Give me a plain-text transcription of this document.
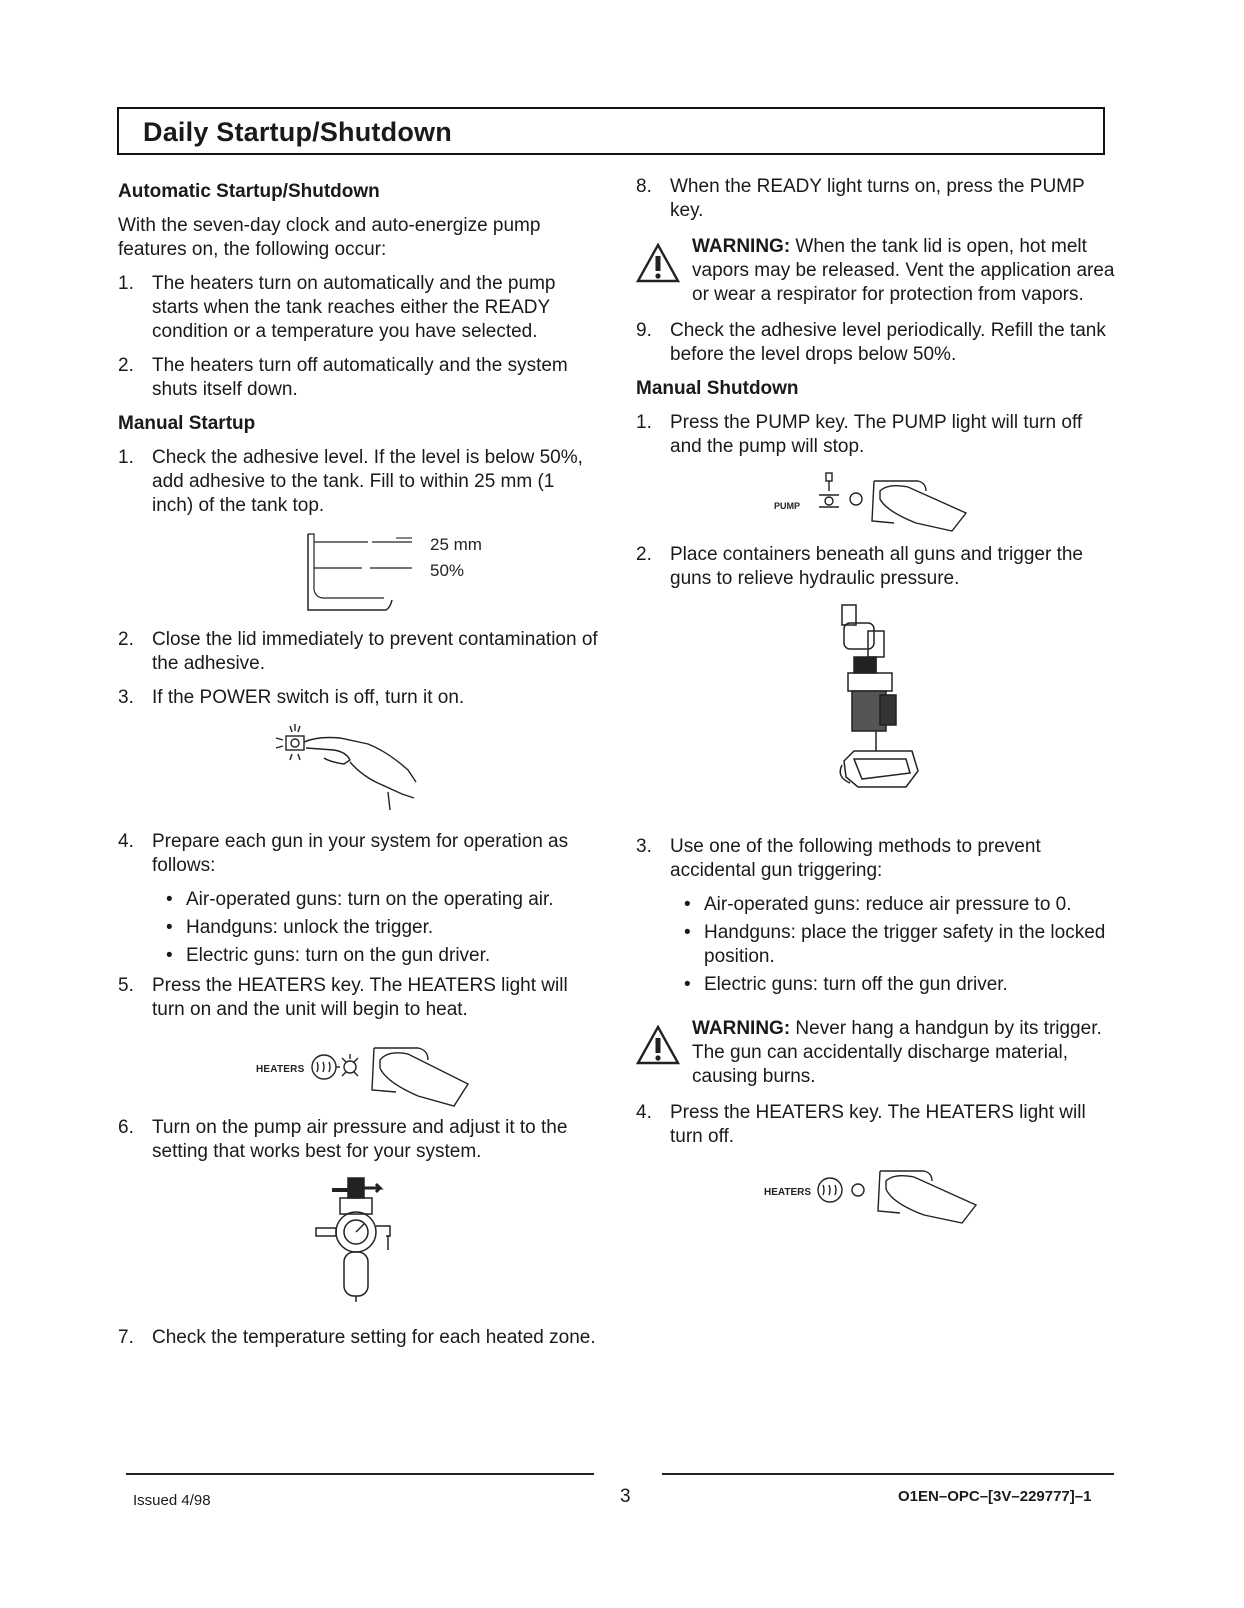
Daily Startup/Shutdown
Automatic Startup/Shutdown
With the seven-day clock and auto-energize pump features on, the following occur:
1. The heaters turn on automatically and the pump starts when the tank reaches either the READY condition or a temperature you have selected.
2. The heaters turn off automatically and the system shuts itself down.
Manual Startup
1. Check the adhesive level. If the level is below 50%, add adhesive to the tank. Fill to within 25 mm (1 inch) of the tank top.
25 mm
50%
2. Close the lid immediately to prevent contamination of the adhesive.
3. If the POWER switch is off, turn it on.
4. Prepare each gun in your system for operation as follows:
• Air-operated guns: turn on the operating air.
• Handguns: unlock the trigger.
• Electric guns: turn on the gun driver.
5. Press the HEATERS key. The HEATERS light will turn on and the unit will begin to heat.
HEATERS
6. Turn on the pump air pressure and adjust it to the setting that works best for your system.
7. Check the temperature setting for each heated zone.
8. When the READY light turns on, press the PUMP key.
WARNING: When the tank lid is open, hot melt vapors may be released. Vent the application area or wear a respirator for protection from vapors.
9. Check the adhesive level periodically. Refill the tank before the level drops below 50%.
Manual Shutdown
1. Press the PUMP key. The PUMP light will turn off and the pump will stop.
PUMP
2. Place containers beneath all guns and trigger the guns to relieve hydraulic pressure.
3. Use one of the following methods to prevent accidental gun triggering:
• Air-operated guns: reduce air pressure to 0.
• Handguns: place the trigger safety in the locked position.
• Electric guns: turn off the gun driver.
WARNING: Never hang a handgun by its trigger. The gun can accidentally discharge material, causing burns.
4. Press the HEATERS key. The HEATERS light will turn off.
HEATERS
Issued 4/98	3	O1EN–OPC–[3V–229777]–1
